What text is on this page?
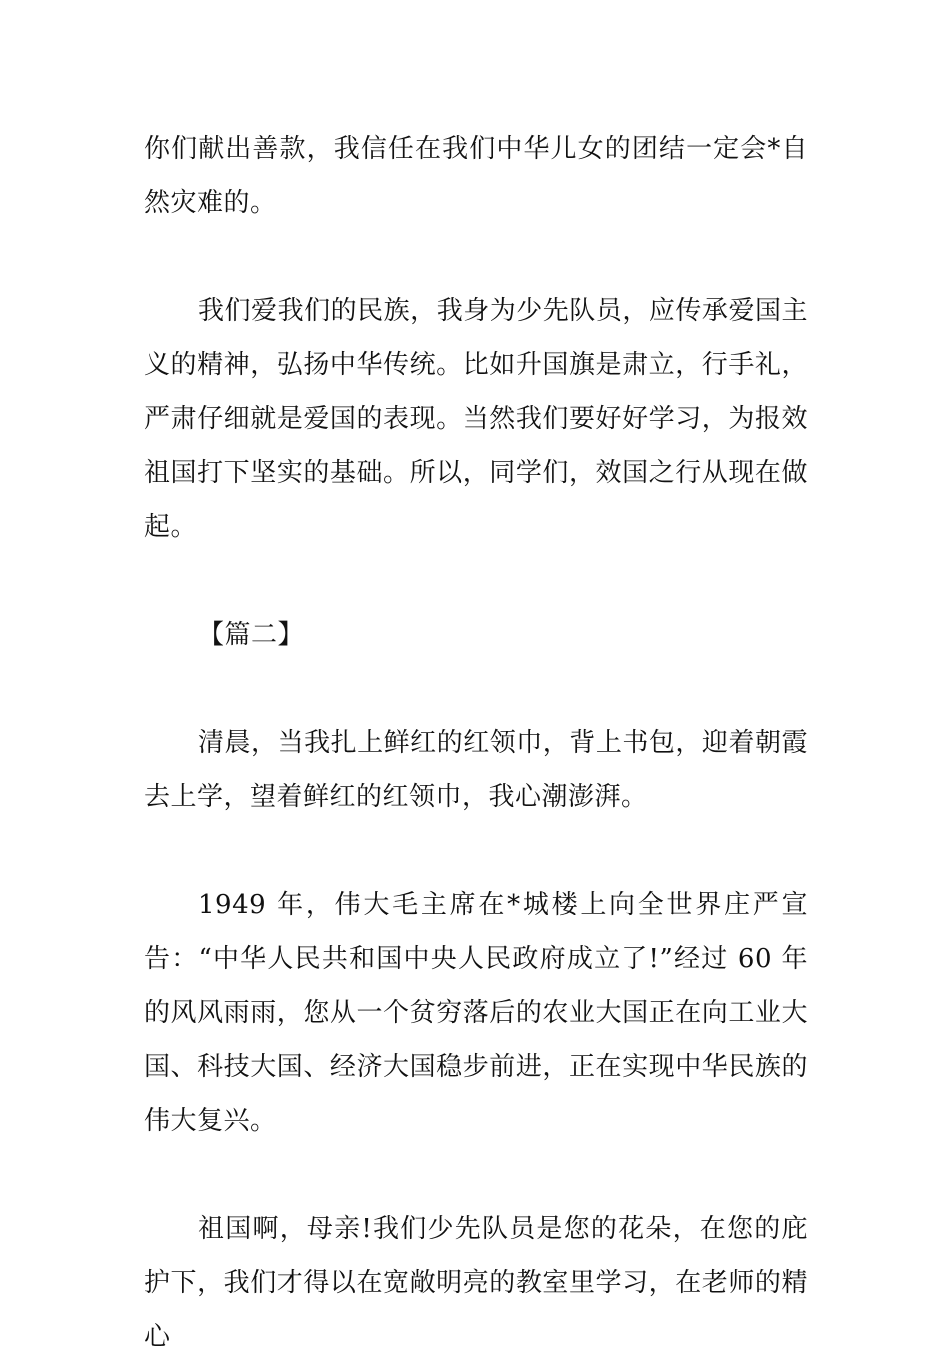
你们献出善款，我信任在我们中华儿女的团结一定会*自然灾难的。

我们爱我们的民族，我身为少先队员，应传承爱国主义的精神，弘扬中华传统。比如升国旗是肃立，行手礼，严肃仔细就是爱国的表现。当然我们要好好学习，为报效祖国打下坚实的基础。所以，同学们，效国之行从现在做起。

【篇二】

清晨，当我扎上鲜红的红领巾，背上书包，迎着朝霞去上学，望着鲜红的红领巾，我心潮澎湃。

1949 年，伟大毛主席在*城楼上向全世界庄严宣告：“中华人民共和国中央人民政府成立了!”经过 60 年的风风雨雨，您从一个贫穷落后的农业大国正在向工业大国、科技大国、经济大国稳步前进，正在实现中华民族的伟大复兴。

祖国啊，母亲!我们少先队员是您的花朵，在您的庇护下，我们才得以在宽敞明亮的教室里学习，在老师的精心
